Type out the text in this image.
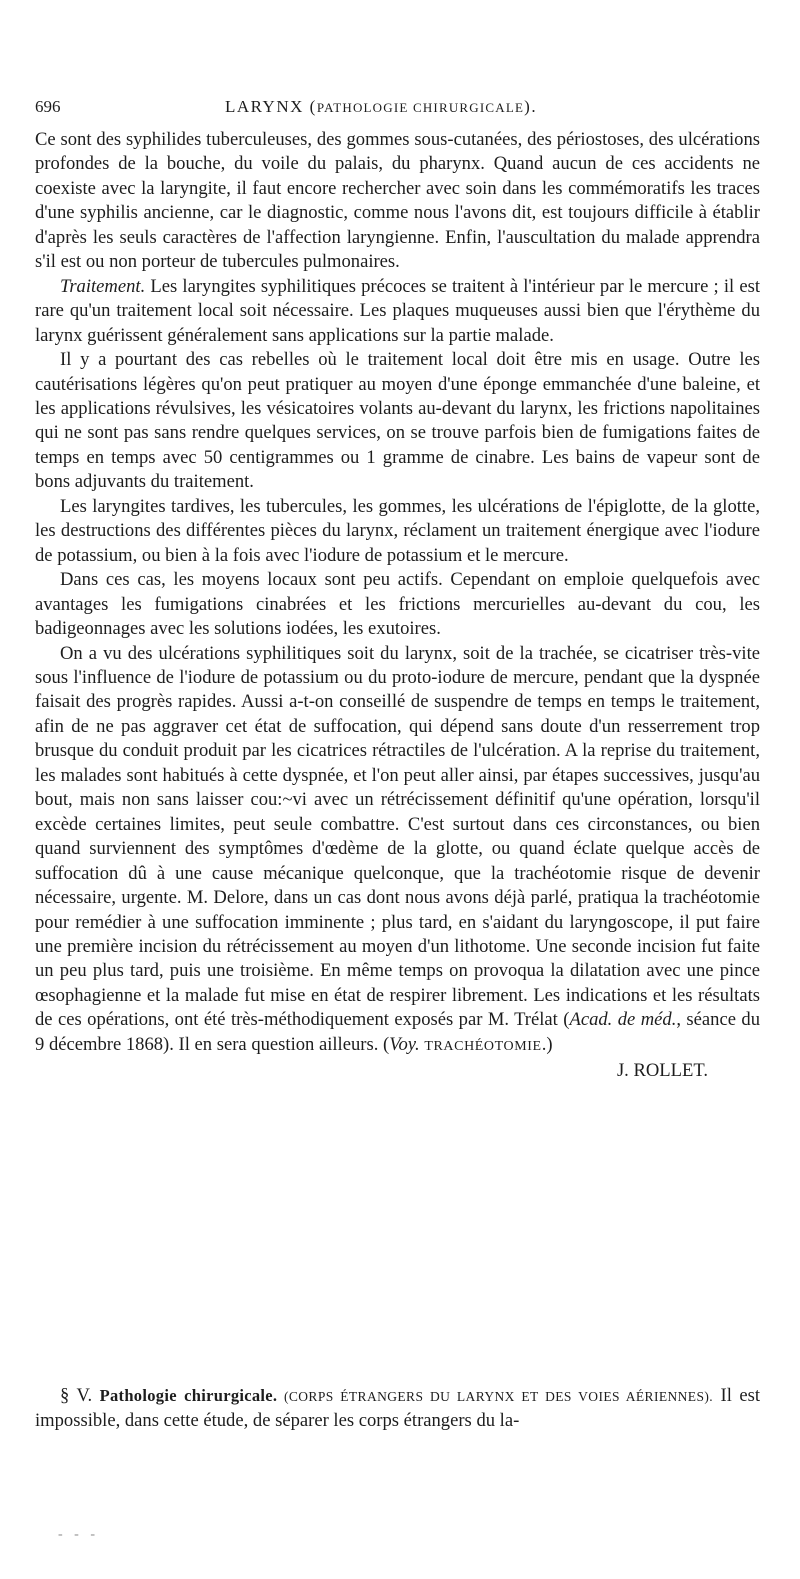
696	LARYNX (PATHOLOGIE CHIRURGICALE).

Ce sont des syphilides tuberculeuses, des gommes sous-cutanées, des périostoses, des ulcérations profondes de la bouche, du voile du palais, du pharynx. Quand aucun de ces accidents ne coexiste avec la laryngite, il faut encore rechercher avec soin dans les commémoratifs les traces d'une syphilis ancienne, car le diagnostic, comme nous l'avons dit, est toujours difficile à établir d'après les seuls caractères de l'affection laryngienne. Enfin, l'auscultation du malade apprendra s'il est ou non porteur de tubercules pulmonaires.

Traitement. Les laryngites syphilitiques précoces se traitent à l'intérieur par le mercure ; il est rare qu'un traitement local soit nécessaire. Les plaques muqueuses aussi bien que l'érythème du larynx guérissent généralement sans applications sur la partie malade.

Il y a pourtant des cas rebelles où le traitement local doit être mis en usage. Outre les cautérisations légères qu'on peut pratiquer au moyen d'une éponge emmanchée d'une baleine, et les applications révulsives, les vésicatoires volants au-devant du larynx, les frictions napolitaines qui ne sont pas sans rendre quelques services, on se trouve parfois bien de fumigations faites de temps en temps avec 50 centigrammes ou 1 gramme de cinabre. Les bains de vapeur sont de bons adjuvants du traitement.

Les laryngites tardives, les tubercules, les gommes, les ulcérations de l'épiglotte, de la glotte, les destructions des différentes pièces du larynx, réclament un traitement énergique avec l'iodure de potassium, ou bien à la fois avec l'iodure de potassium et le mercure.

Dans ces cas, les moyens locaux sont peu actifs. Cependant on emploie quelquefois avec avantages les fumigations cinabrées et les frictions mercurielles au-devant du cou, les badigeonnages avec les solutions iodées, les exutoires.

On a vu des ulcérations syphilitiques soit du larynx, soit de la trachée, se cicatriser très-vite sous l'influence de l'iodure de potassium ou du proto-iodure de mercure, pendant que la dyspnée faisait des progrès rapides. Aussi a-t-on conseillé de suspendre de temps en temps le traitement, afin de ne pas aggraver cet état de suffocation, qui dépend sans doute d'un resserrement trop brusque du conduit produit par les cicatrices rétractiles de l'ulcération. A la reprise du traitement, les malades sont habitués à cette dyspnée, et l'on peut aller ainsi, par étapes successives, jusqu'au bout, mais non sans laisser cou:~vi avec un rétrécissement définitif qu'une opération, lorsqu'il excède certaines limites, peut seule combattre. C'est surtout dans ces circonstances, ou bien quand surviennent des symptômes d'œdème de la glotte, ou quand éclate quelque accès de suffocation dû à une cause mécanique quelconque, que la trachéotomie risque de devenir nécessaire, urgente. M. Delore, dans un cas dont nous avons déjà parlé, pratiqua la trachéotomie pour remédier à une suffocation imminente ; plus tard, en s'aidant du laryngoscope, il put faire une première incision du rétrécissement au moyen d'un lithotome. Une seconde incision fut faite un peu plus tard, puis une troisième. En même temps on provoqua la dilatation avec une pince œsophagienne et la malade fut mise en état de respirer librement. Les indications et les résultats de ces opérations, ont été très-méthodiquement exposés par M. Trélat (Acad. de méd., séance du 9 décembre 1868). Il en sera question ailleurs. (Voy. TRACHÉOTOMIE.)

J. ROLLET.

§ V. Pathologie chirurgicale. (CORPS ÉTRANGERS DU LARYNX ET DES VOIES AÉRIENNES). Il est impossible, dans cette étude, de séparer les corps étrangers du la-
- - -
